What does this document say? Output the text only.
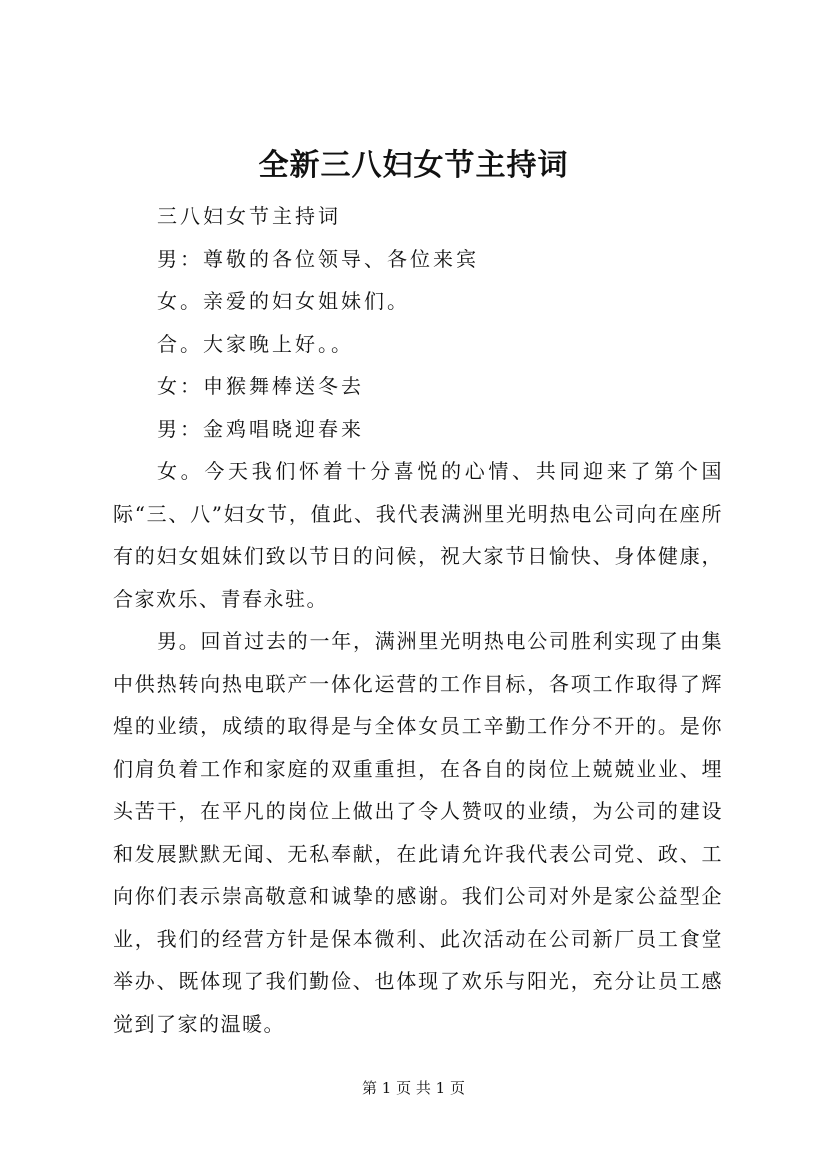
全新三八妇女节主持词

三八妇女节主持词

男：尊敬的各位领导、各位来宾

女。亲爱的妇女姐妹们。

合。大家晚上好。。

女：申猴舞棒送冬去

男：金鸡唱晓迎春来

女。今天我们怀着十分喜悦的心情、共同迎来了第个国际“三、八”妇女节，值此、我代表满洲里光明热电公司向在座所有的妇女姐妹们致以节日的问候，祝大家节日愉快、身体健康，合家欢乐、青春永驻。

男。回首过去的一年，满洲里光明热电公司胜利实现了由集中供热转向热电联产一体化运营的工作目标，各项工作取得了辉煌的业绩，成绩的取得是与全体女员工辛勤工作分不开的。是你们肩负着工作和家庭的双重重担，在各自的岗位上兢兢业业、埋头苦干，在平凡的岗位上做出了令人赞叹的业绩，为公司的建设和发展默默无闻、无私奉献，在此请允许我代表公司党、政、工向你们表示崇高敬意和诚挚的感谢。我们公司对外是家公益型企业，我们的经营方针是保本微利、此次活动在公司新厂员工食堂举办、既体现了我们勤俭、也体现了欢乐与阳光，充分让员工感觉到了家的温暖。

第 1 页 共 1 页
